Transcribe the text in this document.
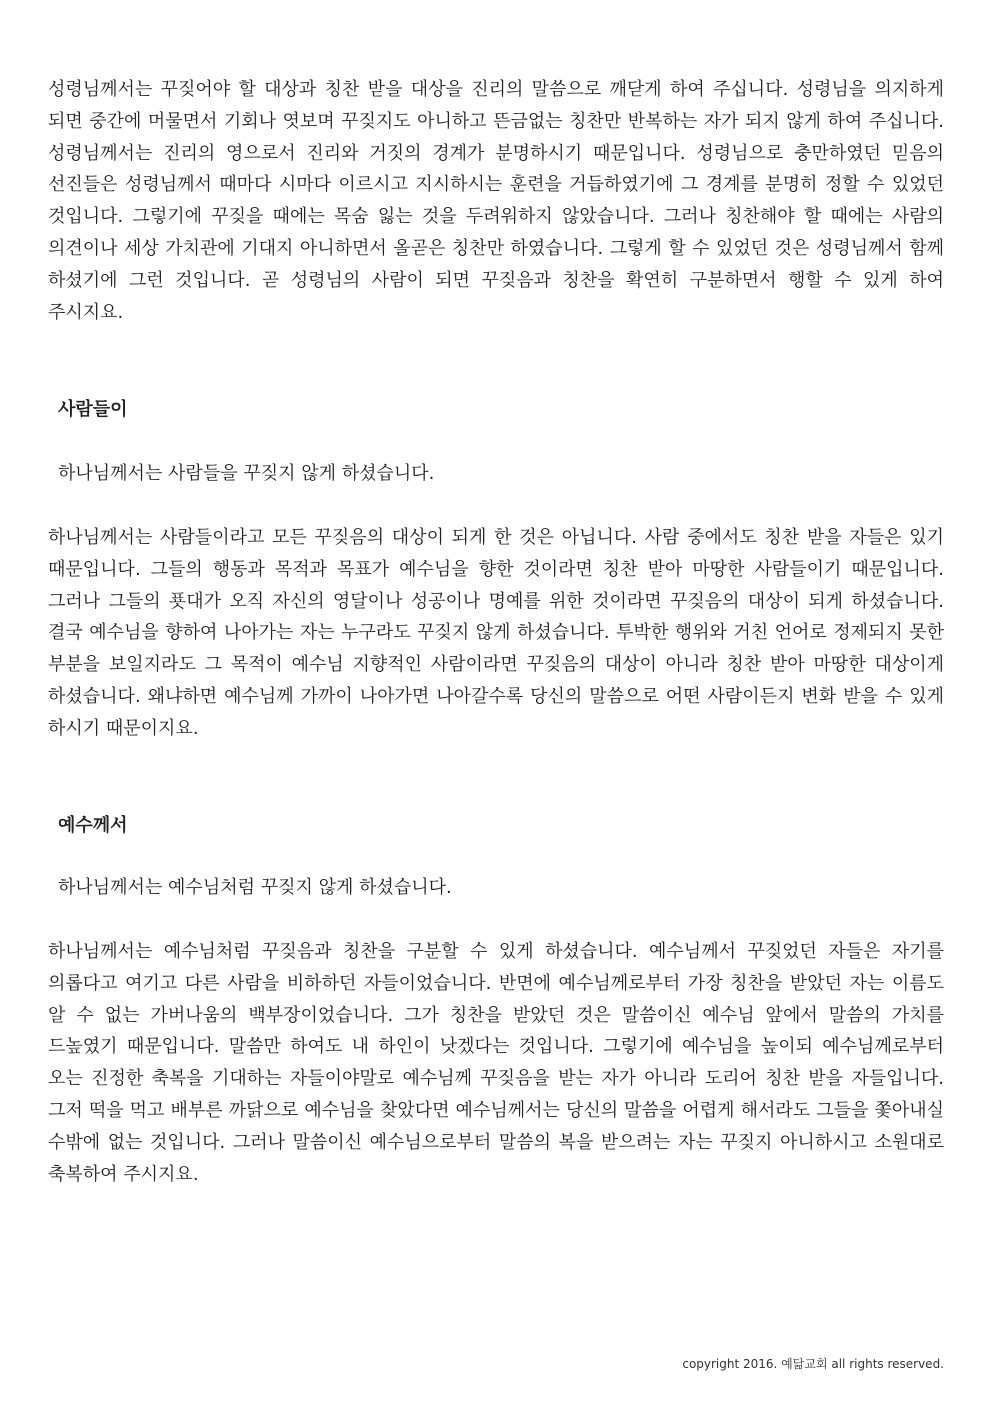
성령님께서는 꾸짖어야 할 대상과 칭찬 받을 대상을 진리의 말씀으로 깨닫게 하여 주십니다. 성령님을 의지하게 되면 중간에 머물면서 기회나 엿보며 꾸짖지도 아니하고 뜬금없는 칭찬만 반복하는 자가 되지 않게 하여 주십니다. 성령님께서는 진리의 영으로서 진리와 거짓의 경계가 분명하시기 때문입니다. 성령님으로 충만하였던 믿음의 선진들은 성령님께서 때마다 시마다 이르시고 지시하시는 훈련을 거듭하였기에 그 경계를 분명히 정할 수 있었던 것입니다. 그렇기에 꾸짖을 때에는 목숨 잃는 것을 두려워하지 않았습니다. 그러나 칭찬해야 할 때에는 사람의 의견이나 세상 가치관에 기대지 아니하면서 올곧은 칭찬만 하였습니다. 그렇게 할 수 있었던 것은 성령님께서 함께 하셨기에 그런 것입니다. 곧 성령님의 사람이 되면 꾸짖음과 칭찬을 확연히 구분하면서 행할 수 있게 하여 주시지요.

사람들이

하나님께서는 사람들을 꾸짖지 않게 하셨습니다.

하나님께서는 사람들이라고 모든 꾸짖음의 대상이 되게 한 것은 아닙니다. 사람 중에서도 칭찬 받을 자들은 있기 때문입니다. 그들의 행동과 목적과 목표가 예수님을 향한 것이라면 칭찬 받아 마땅한 사람들이기 때문입니다. 그러나 그들의 푯대가 오직 자신의 영달이나 성공이나 명예를 위한 것이라면 꾸짖음의 대상이 되게 하셨습니다. 결국 예수님을 향하여 나아가는 자는 누구라도 꾸짖지 않게 하셨습니다. 투박한 행위와 거친 언어로 정제되지 못한 부분을 보일지라도 그 목적이 예수님 지향적인 사람이라면 꾸짖음의 대상이 아니라 칭찬 받아 마땅한 대상이게 하셨습니다. 왜냐하면 예수님께 가까이 나아가면 나아갈수록 당신의 말씀으로 어떤 사람이든지 변화 받을 수 있게 하시기 때문이지요.

예수께서

하나님께서는 예수님처럼 꾸짖지 않게 하셨습니다.

하나님께서는 예수님처럼 꾸짖음과 칭찬을 구분할 수 있게 하셨습니다. 예수님께서 꾸짖었던 자들은 자기를 의롭다고 여기고 다른 사람을 비하하던 자들이었습니다. 반면에 예수님께로부터 가장 칭찬을 받았던 자는 이름도 알 수 없는 가버나움의 백부장이었습니다. 그가 칭찬을 받았던 것은 말씀이신 예수님 앞에서 말씀의 가치를 드높였기 때문입니다. 말씀만 하여도 내 하인이 낫겠다는 것입니다. 그렇기에 예수님을 높이되 예수님께로부터 오는 진정한 축복을 기대하는 자들이야말로 예수님께 꾸짖음을 받는 자가 아니라 도리어 칭찬 받을 자들입니다. 그저 떡을 먹고 배부른 까닭으로 예수님을 찾았다면 예수님께서는 당신의 말씀을 어렵게 해서라도 그들을 쫓아내실 수밖에 없는 것입니다. 그러나 말씀이신 예수님으로부터 말씀의 복을 받으려는 자는 꾸짖지 아니하시고 소원대로 축복하여 주시지요.

copyright 2016. 예닮교회 all rights reserved.
